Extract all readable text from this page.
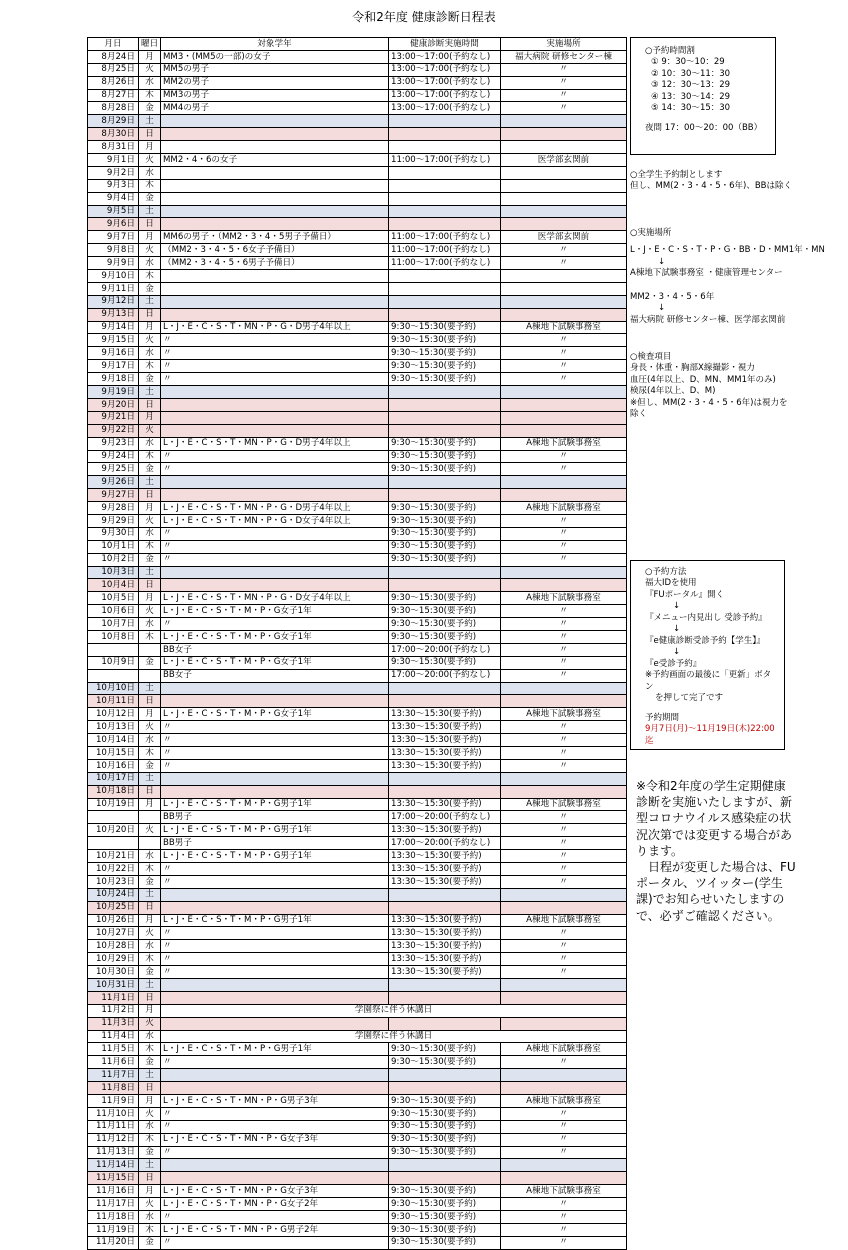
令和2年度 健康診断日程表
月日	曜日	対象学年	健康診断実施時間	実施場所
8月24日	月	MM3・(MM5の一部)の女子	13:00～17:00(予約なし)	福大病院 研修センター棟
8月25日	火	MM5の男子	13:00～17:00(予約なし)	〃
8月26日	水	MM2の男子	13:00～17:00(予約なし)	〃
8月27日	木	MM3の男子	13:00～17:00(予約なし)	〃
8月28日	金	MM4の男子	13:00～17:00(予約なし)	〃
8月29日	土			
8月30日	日			
8月31日	月			
9月1日	火	MM2・4・6の女子	11:00～17:00(予約なし)	医学部玄関前
9月2日	水			
9月3日	木			
9月4日	金			
9月5日	土			
9月6日	日			
9月7日	月	MM6の男子・（MM2・3・4・5男子予備日）	11:00～17:00(予約なし)	医学部玄関前
9月8日	火	（MM2・3・4・5・6女子予備日）	11:00～17:00(予約なし)	〃
9月9日	水	（MM2・3・4・5・6男子予備日）	11:00～17:00(予約なし)	〃
9月10日	木			
9月11日	金			
9月12日	土			
9月13日	日			
9月14日	月	L・J・E・C・S・T・MN・P・G・D男子4年以上	9:30～15:30(要予約)	A棟地下試験事務室
9月15日	火	〃	9:30～15:30(要予約)	〃
9月16日	水	〃	9:30～15:30(要予約)	〃
9月17日	木	〃	9:30～15:30(要予約)	〃
9月18日	金	〃	9:30～15:30(要予約)	〃
9月19日	土			
9月20日	日			
9月21日	月			
9月22日	火			
9月23日	水	L・J・E・C・S・T・MN・P・G・D男子4年以上	9:30～15:30(要予約)	A棟地下試験事務室
9月24日	木	〃	9:30～15:30(要予約)	〃
9月25日	金	〃	9:30～15:30(要予約)	〃
9月26日	土			
9月27日	日			
9月28日	月	L・J・E・C・S・T・MN・P・G・D男子4年以上	9:30～15:30(要予約)	A棟地下試験事務室
9月29日	火	L・J・E・C・S・T・MN・P・G・D女子4年以上	9:30～15:30(要予約)	〃
9月30日	水	〃	9:30～15:30(要予約)	〃
10月1日	木	〃	9:30～15:30(要予約)	〃
10月2日	金	〃	9:30～15:30(要予約)	〃
10月3日	土			
10月4日	日			
10月5日	月	L・J・E・C・S・T・MN・P・G・D女子4年以上	9:30～15:30(要予約)	A棟地下試験事務室
10月6日	火	L・J・E・C・S・T・M・P・G女子1年	9:30～15:30(要予約)	〃
10月7日	水	〃	9:30～15:30(要予約)	〃
10月8日	木	L・J・E・C・S・T・M・P・G女子1年	9:30～15:30(要予約)	〃
		BB女子	17:00～20:00(予約なし)	〃
10月9日	金	L・J・E・C・S・T・M・P・G女子1年	9:30～15:30(要予約)	〃
		BB女子	17:00～20:00(予約なし)	〃
10月10日	土			
10月11日	日			
10月12日	月	L・J・E・C・S・T・M・P・G女子1年	13:30～15:30(要予約)	A棟地下試験事務室
10月13日	火	〃	13:30～15:30(要予約)	〃
10月14日	水	〃	13:30～15:30(要予約)	〃
10月15日	木	〃	13:30～15:30(要予約)	〃
10月16日	金	〃	13:30～15:30(要予約)	〃
10月17日	土			
10月18日	日			
10月19日	月	L・J・E・C・S・T・M・P・G男子1年	13:30～15:30(要予約)	A棟地下試験事務室
		BB男子	17:00～20:00(予約なし)	〃
10月20日	火	L・J・E・C・S・T・M・P・G男子1年	13:30～15:30(要予約)	〃
		BB男子	17:00～20:00(予約なし)	〃
10月21日	水	L・J・E・C・S・T・M・P・G男子1年	13:30～15:30(要予約)	〃
10月22日	木	〃	13:30～15:30(要予約)	〃
10月23日	金	〃	13:30～15:30(要予約)	〃
10月24日	土			
10月25日	日			
10月26日	月	L・J・E・C・S・T・M・P・G男子1年	13:30～15:30(要予約)	A棟地下試験事務室
10月27日	火	〃	13:30～15:30(要予約)	〃
10月28日	水	〃	13:30～15:30(要予約)	〃
10月29日	木	〃	13:30～15:30(要予約)	〃
10月30日	金	〃	13:30～15:30(要予約)	〃
10月31日	土			
11月1日	日			
11月2日	月	学園祭に伴う休講日		
11月3日	火			
11月4日	水	学園祭に伴う休講日		
11月5日	木	L・J・E・C・S・T・M・P・G男子1年	9:30～15:30(要予約)	A棟地下試験事務室
11月6日	金	〃	9:30～15:30(要予約)	〃
11月7日	土			
11月8日	日			
11月9日	月	L・J・E・C・S・T・MN・P・G男子3年	9:30～15:30(要予約)	A棟地下試験事務室
11月10日	火	〃	9:30～15:30(要予約)	〃
11月11日	水	〃	9:30～15:30(要予約)	〃
11月12日	木	L・J・E・C・S・T・MN・P・G女子3年	9:30～15:30(要予約)	〃
11月13日	金	〃	9:30～15:30(要予約)	〃
11月14日	土			
11月15日	日			
11月16日	月	L・J・E・C・S・T・MN・P・G女子3年	9:30～15:30(要予約)	A棟地下試験事務室
11月17日	火	L・J・E・C・S・T・MN・P・G女子2年	9:30～15:30(要予約)	〃
11月18日	水	〃	9:30～15:30(要予約)	〃
11月19日	木	L・J・E・C・S・T・MN・P・G男子2年	9:30～15:30(要予約)	〃
11月20日	金	〃	9:30～15:30(要予約)	〃
○予約時間割
① 9：30～10：29
② 10：30～11：30
③ 12：30～13：29
④ 13：30～14：29
⑤ 14：30～15：30
夜間 17：00～20：00（BB）
○全学生予約制とします
但し、MM(2・3・4・5・6年)、BBは除く
○実施場所
L・J・E・C・S・T・P・G・BB・D・MM1年・MN
↓
A棟地下試験事務室 ・健康管理センター
MM2・3・4・5・6年
↓
福大病院 研修センター棟、医学部玄関前
○検査項目
身長・体重・胸部X線撮影・視力
血圧(4年以上、D、MN、MM1年のみ)
検尿(4年以上、D、M)
※但し、MM(2・3・4・5・6年)は視力を
除く
○予約方法
福大IDを使用
『FUポータル』開く
↓
『メニュー内見出し 受診予約』
↓
『e健康診断受診予約【学生】』
↓
『e受診予約』
※予約画面の最後に「更新」ボタン
を押して完了です
予約期間
9月7日(月)～11月19日(木)22:00迄

※令和2年度の学生定期健康診断を実施いたしますが、新型コロナウイルス感染症の状況次第では変更する場合があります。

日程が変更した場合は、FUポータル、ツイッター(学生課)でお知らせいたしますので、必ずご確認ください。
